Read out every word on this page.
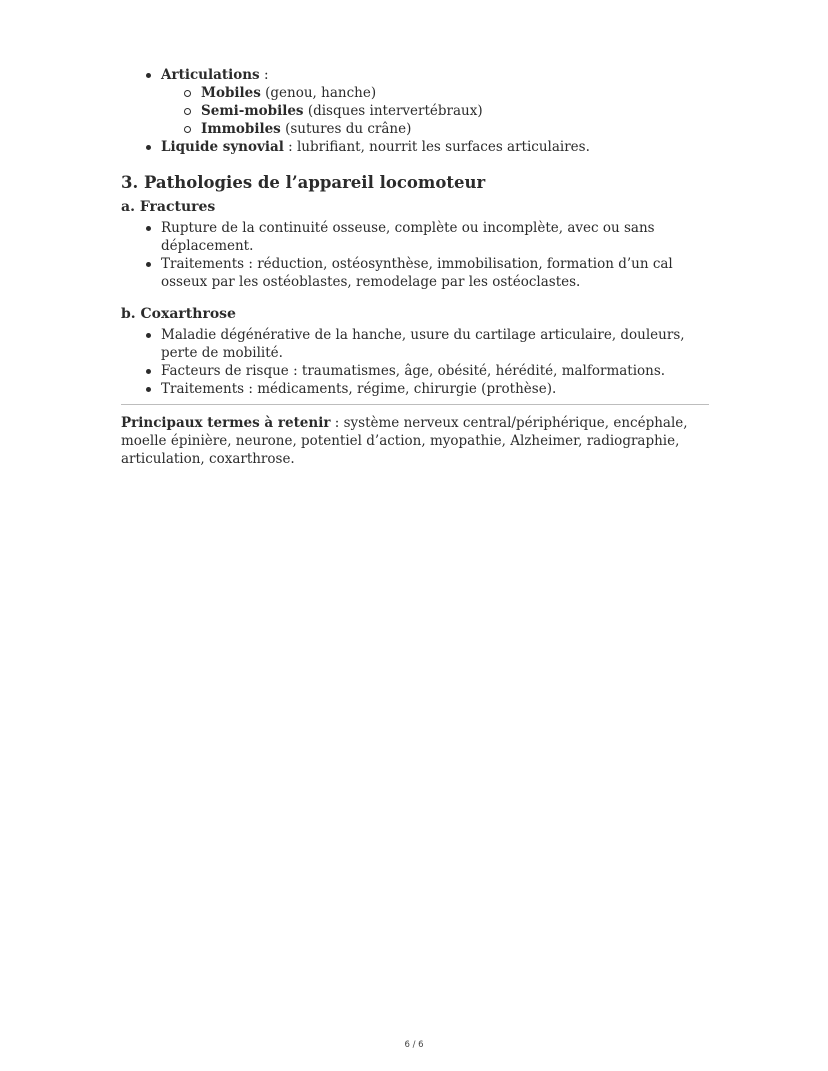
Articulations :
Mobiles (genou, hanche)
Semi-mobiles (disques intervertébraux)
Immobiles (sutures du crâne)
Liquide synovial : lubrifiant, nourrit les surfaces articulaires.
3. Pathologies de l’appareil locomoteur
a. Fractures
Rupture de la continuité osseuse, complète ou incomplète, avec ou sans déplacement.
Traitements : réduction, ostéosynthèse, immobilisation, formation d’un cal osseux par les ostéoblastes, remodelage par les ostéoclastes.
b. Coxarthrose
Maladie dégénérative de la hanche, usure du cartilage articulaire, douleurs, perte de mobilité.
Facteurs de risque : traumatismes, âge, obésité, hérédité, malformations.
Traitements : médicaments, régime, chirurgie (prothèse).

Principaux termes à retenir : système nerveux central/périphérique, encéphale, moelle épinière, neurone, potentiel d’action, myopathie, Alzheimer, radiographie, articulation, coxarthrose.

6 / 6
